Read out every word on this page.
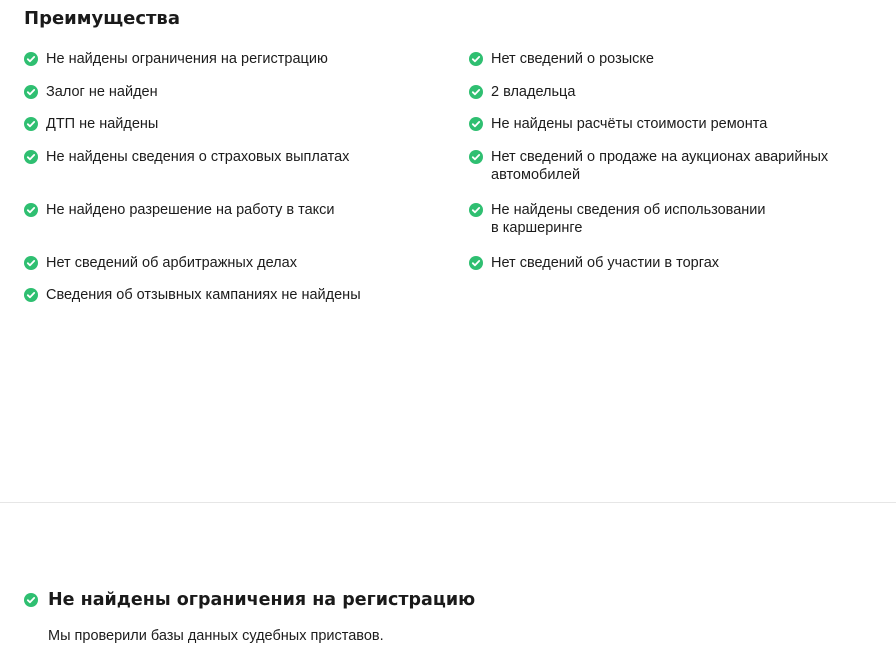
Преимущества
Не найдены ограничения на регистрацию
Залог не найден
ДТП не найдены
Не найдены сведения о страховых выплатах
Не найдено разрешение на работу в такси
Нет сведений об арбитражных делах
Сведения об отзывных кампаниях не найдены
Нет сведений о розыске
2 владельца
Не найдены расчёты стоимости ремонта
Нет сведений о продаже на аукционах аварийных
автомобилей
Не найдены сведения об использовании
в каршеринге
Нет сведений об участии в торгах
Не найдены ограничения на регистрацию
Мы проверили базы данных судебных приставов.
